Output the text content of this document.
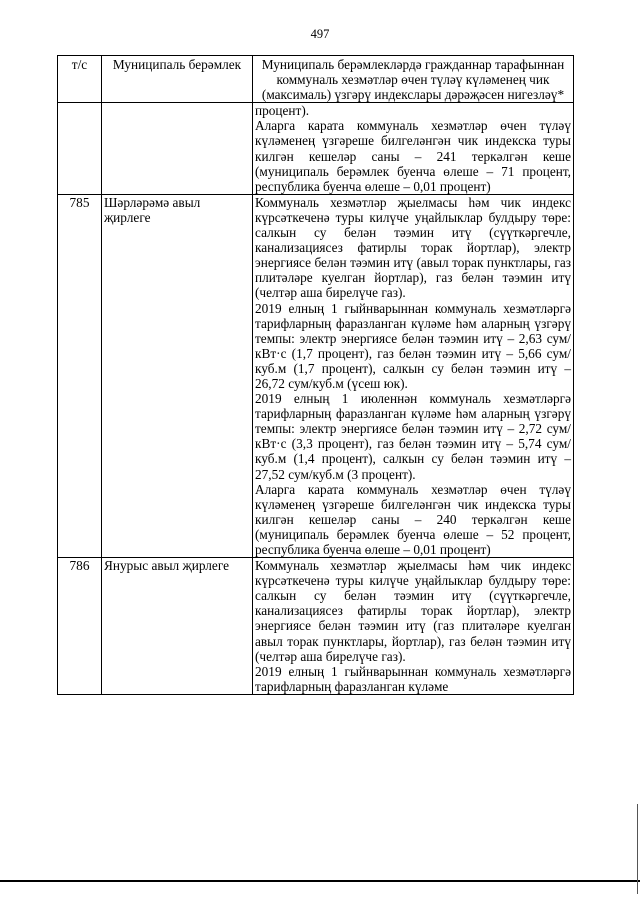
497
т/с	Муниципаль берәмлек	Муниципаль берәмлекләрдә гражданнар тарафыннан коммуналь хезмәтләр өчен түләү күләменең чик (максималь) үзгәрү индекслары дәрәҗәсен нигезләү*

		процент).

Аларга карата коммуналь хезмәтләр өчен түләү күләменең үзгәреше билгеләнгән чик индекска туры килгән кешеләр саны – 241 теркәлгән кеше (муниципаль берәмлек буенча өлеше – 71 процент, республика буенча өлеше – 0,01 процент)

785	Шәрләрәмә авыл җирлеге	Коммуналь хезмәтләр җыелмасы һәм чик индекс күрсәткеченә туры килүче уңайлыклар булдыру төре: салкын су белән тәэмин итү (сүүткәргечле, канализациясез фатирлы торак йортлар), электр энергиясе белән тәэмин итү (авыл торак пунктлары, газ плитәләре куелган йортлар), газ белән тәэмин итү (челтәр аша бирелүче газ).

2019 елның 1 гыйнварыннан коммуналь хезмәтләргә тарифларның фаразланган күләме һәм аларның үзгәрү темпы: электр энергиясе белән тәэмин итү – 2,63 сум/кВт·с (1,7 процент), газ белән тәэмин итү – 5,66 сум/куб.м (1,7 процент), салкын су белән тәэмин итү – 26,72 сум/куб.м (үсеш юк).

2019 елның 1 июленнән коммуналь хезмәтләргә тарифларның фаразланган күләме һәм аларның үзгәрү темпы: электр энергиясе белән тәэмин итү – 2,72 сум/кВт·с (3,3 процент), газ белән тәэмин итү – 5,74 сум/куб.м (1,4 процент), салкын су белән тәэмин итү – 27,52 сум/куб.м (3 процент).

Аларга карата коммуналь хезмәтләр өчен түләү күләменең үзгәреше билгеләнгән чик индекска туры килгән кешеләр саны – 240 теркәлгән кеше (муниципаль берәмлек буенча өлеше – 52 процент, республика буенча өлеше – 0,01 процент)

786	Янурыс авыл җирлеге	Коммуналь хезмәтләр җыелмасы һәм чик индекс күрсәткеченә туры килүче уңайлыклар булдыру төре: салкын су белән тәэмин итү (сүүткәргечле, канализациясез фатирлы торак йортлар), электр энергиясе белән тәэмин итү (газ плитәләре куелган авыл торак пунктлары, йортлар), газ белән тәэмин итү (челтәр аша бирелүче газ).

2019 елның 1 гыйнварыннан коммуналь хезмәтләргә тарифларның фаразланган күләме
